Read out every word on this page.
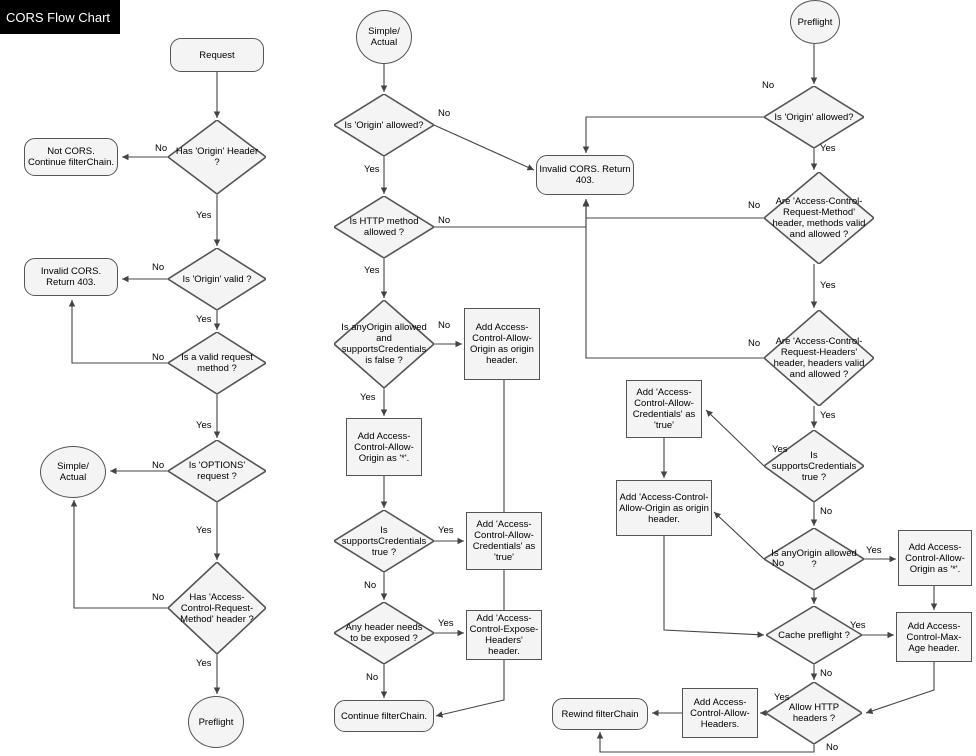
CORS Flow Chart
Request
Has 'Origin' Header ?
Not CORS. Continue filterChain.
Is 'Origin' valid ?
Invalid CORS. Return 403.
Is a valid request method ?
Is 'OPTIONS' request ?
Simple/ Actual
Has 'Access-Control-Request-Method' header ?
Preflight
Simple/ Actual
Is 'Origin' allowed?
Invalid CORS. Return 403.
Is HTTP method allowed ?
Is anyOrigin allowed and supportsCredentials is false ?
Add Access-Control-Allow-Origin as origin header.
Add Access-Control-Allow-Origin as '*'.
Is supportsCredentials true ?
Add 'Access-Control-Allow-Credentials' as 'true'
Any header needs to be exposed ?
Add 'Access-Control-Expose-Headers' header.
Continue filterChain.
Preflight
Is 'Origin' allowed?
Are 'Access-Control-Request-Method' header, methods valid and allowed ?
Are 'Access-Control-Request-Headers' header, headers valid and allowed ?
Add 'Access-Control-Allow-Credentials' as 'true'
Is supportsCredentials true ?
Add 'Access-Control-Allow-Origin as origin header.
Is anyOrigin allowed ?
Add Access-Control-Allow-Origin as '*'.
Cache preflight ?
Add Access-Control-Max-Age header.
Allow HTTP headers ?
Add Access-Control-Allow-Headers.
Rewind filterChain
No
Yes
No
Yes
No
Yes
No
Yes
No
Yes
No
Yes
No
Yes
No
Yes
Yes
No
Yes
No
No
Yes
No
Yes
No
Yes
Yes
No
Yes
No
Yes
No
Yes
No
